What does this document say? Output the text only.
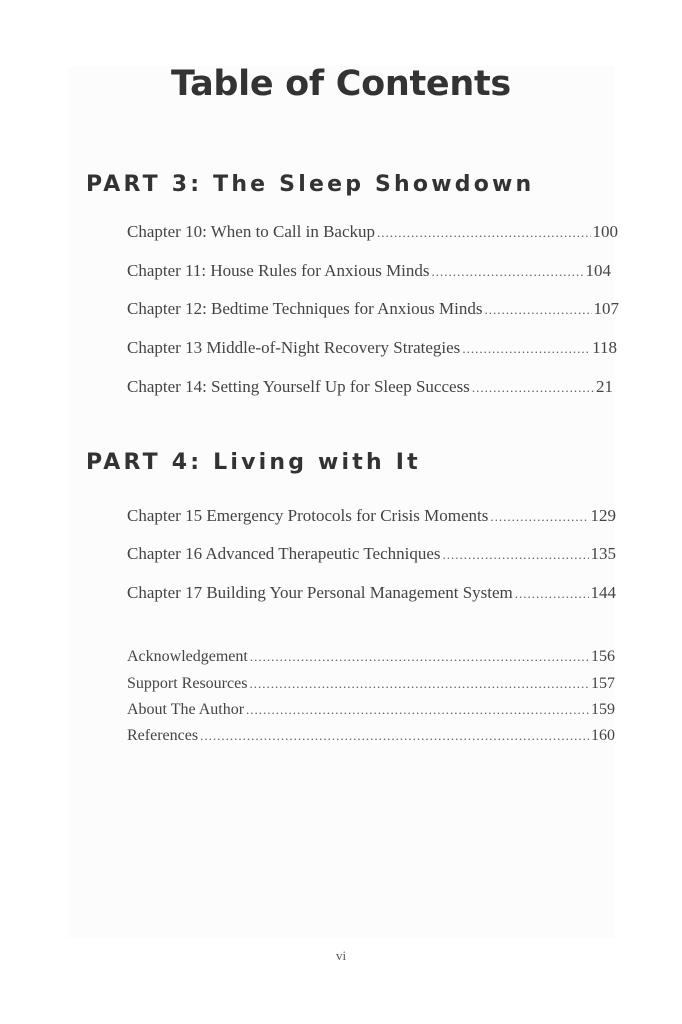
Table of Contents
PART 3: The Sleep Showdown
Chapter 10: When to Call in Backup .....	100
Chapter 11: House Rules for Anxious Minds .....	104
Chapter 12: Bedtime Techniques for Anxious Minds .....	107
Chapter 13 Middle-of-Night Recovery Strategies .....	118
Chapter 14: Setting Yourself Up for Sleep Success .....	21
PART 4: Living with It
Chapter 15 Emergency Protocols for Crisis Moments .....	129
Chapter 16 Advanced Therapeutic Techniques .....	135
Chapter 17 Building Your Personal Management System .....	144
Acknowledgement .....	156
Support Resources .....	157
About The Author .....	159
References .....	160

vi
